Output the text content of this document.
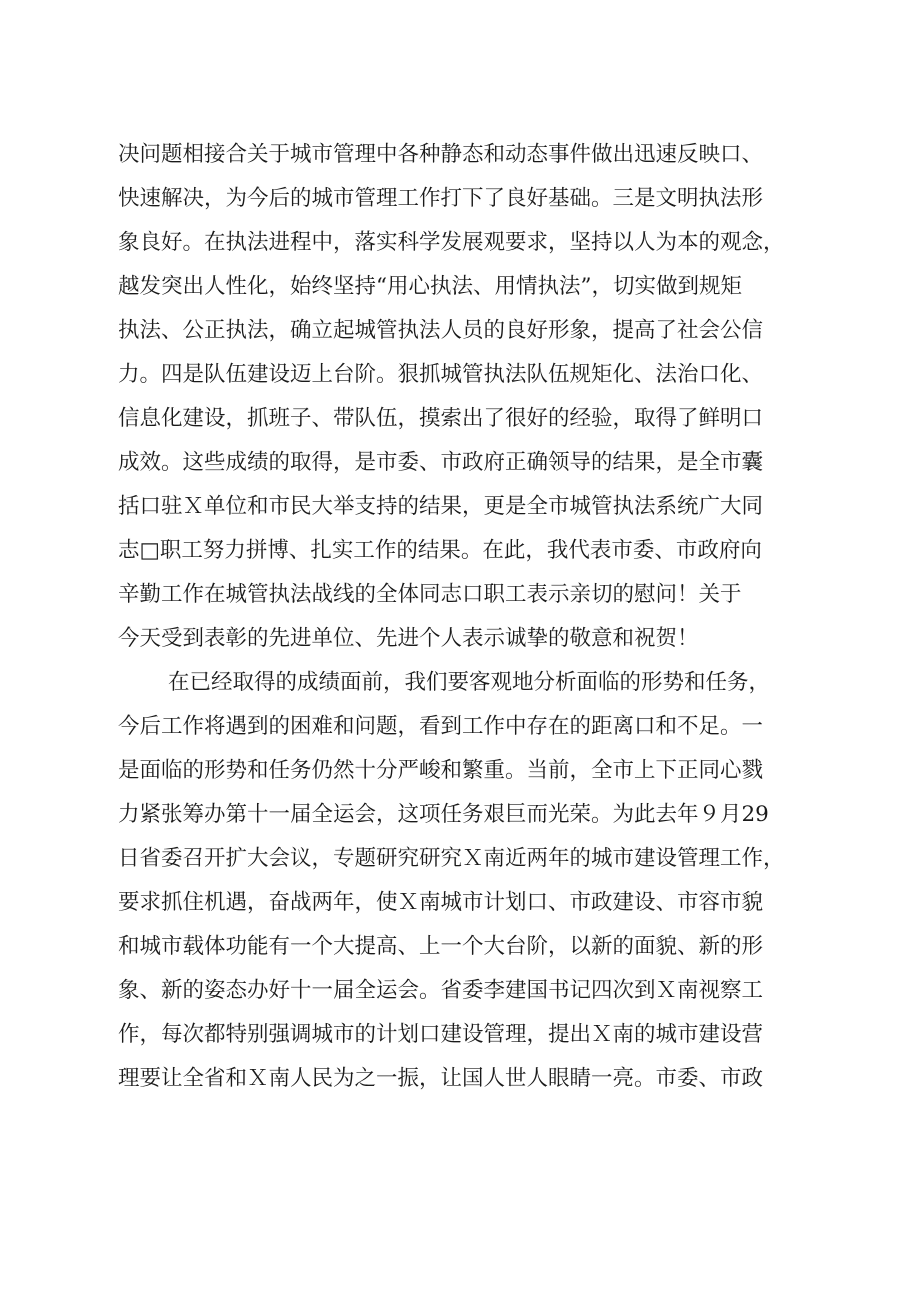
决问题相接合关于城市管理中各种静态和动态事件做出迅速反映口、
快速解决，为今后的城市管理工作打下了良好基础。三是文明执法形
象良好。在执法进程中，落实科学发展观要求，坚持以人为本的观念，
越发突出人性化，始终坚持“用心执法、用情执法”，切实做到规矩
执法、公正执法，确立起城管执法人员的良好形象，提高了社会公信
力。四是队伍建设迈上台阶。狠抓城管执法队伍规矩化、法治口化、
信息化建设，抓班子、带队伍，摸索出了很好的经验，取得了鲜明口
成效。这些成绩的取得，是市委、市政府正确领导的结果，是全市囊
括口驻Ｘ单位和市民大举支持的结果，更是全市城管执法系统广大同
志□职工努力拼博、扎实工作的结果。在此，我代表市委、市政府向
辛勤工作在城管执法战线的全体同志口职工表示亲切的慰问！关于
今天受到表彰的先进单位、先进个人表示诚挚的敬意和祝贺！
在已经取得的成绩面前，我们要客观地分析面临的形势和任务，
今后工作将遇到的困难和问题，看到工作中存在的距离口和不足。一
是面临的形势和任务仍然十分严峻和繁重。当前，全市上下正同心戮
力紧张筹办第十一届全运会，这项任务艰巨而光荣。为此去年９月29
日省委召开扩大会议，专题研究研究Ｘ南近两年的城市建设管理工作，
要求抓住机遇，奋战两年，使Ｘ南城市计划口、市政建设、市容市貌
和城市载体功能有一个大提高、上一个大台阶，以新的面貌、新的形
象、新的姿态办好十一届全运会。省委李建国书记四次到Ｘ南视察工
作，每次都特别强调城市的计划口建设管理，提出Ｘ南的城市建设营
理要让全省和Ｘ南人民为之一振，让国人世人眼睛一亮。市委、市政
